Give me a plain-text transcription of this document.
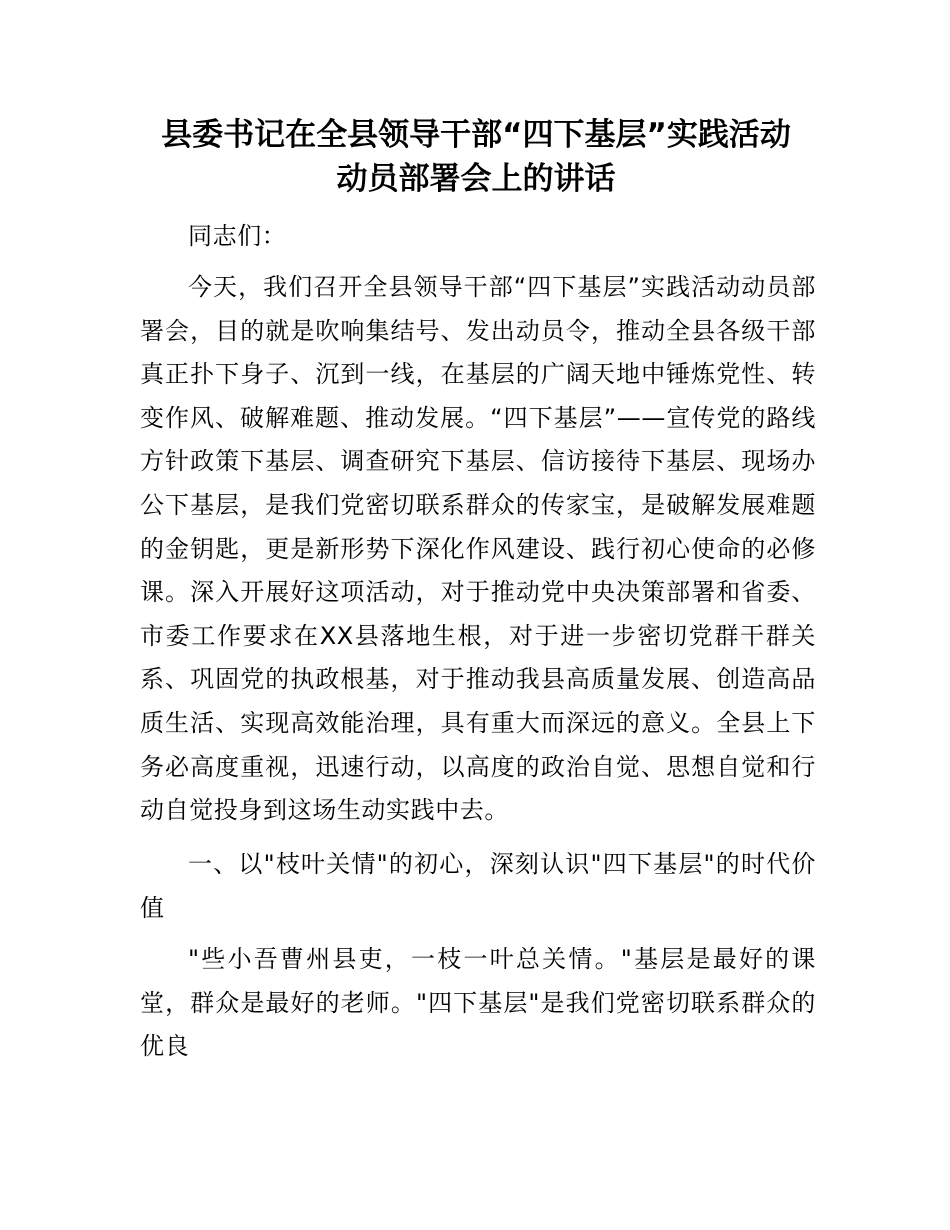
县委书记在全县领导干部“四下基层”实践活动
动员部署会上的讲话

同志们：

今天，我们召开全县领导干部“四下基层”实践活动动员部署会，目的就是吹响集结号、发出动员令，推动全县各级干部真正扑下身子、沉到一线，在基层的广阔天地中锤炼党性、转变作风、破解难题、推动发展。“四下基层”——宣传党的路线方针政策下基层、调查研究下基层、信访接待下基层、现场办公下基层，是我们党密切联系群众的传家宝，是破解发展难题的金钥匙，更是新形势下深化作风建设、践行初心使命的必修课。深入开展好这项活动，对于推动党中央决策部署和省委、市委工作要求在XX县落地生根，对于进一步密切党群干群关系、巩固党的执政根基，对于推动我县高质量发展、创造高品质生活、实现高效能治理，具有重大而深远的意义。全县上下务必高度重视，迅速行动，以高度的政治自觉、思想自觉和行动自觉投身到这场生动实践中去。

一、以"枝叶关情"的初心，深刻认识"四下基层"的时代价值

"些小吾曹州县吏，一枝一叶总关情。"基层是最好的课堂，群众是最好的老师。"四下基层"是我们党密切联系群众的优良
